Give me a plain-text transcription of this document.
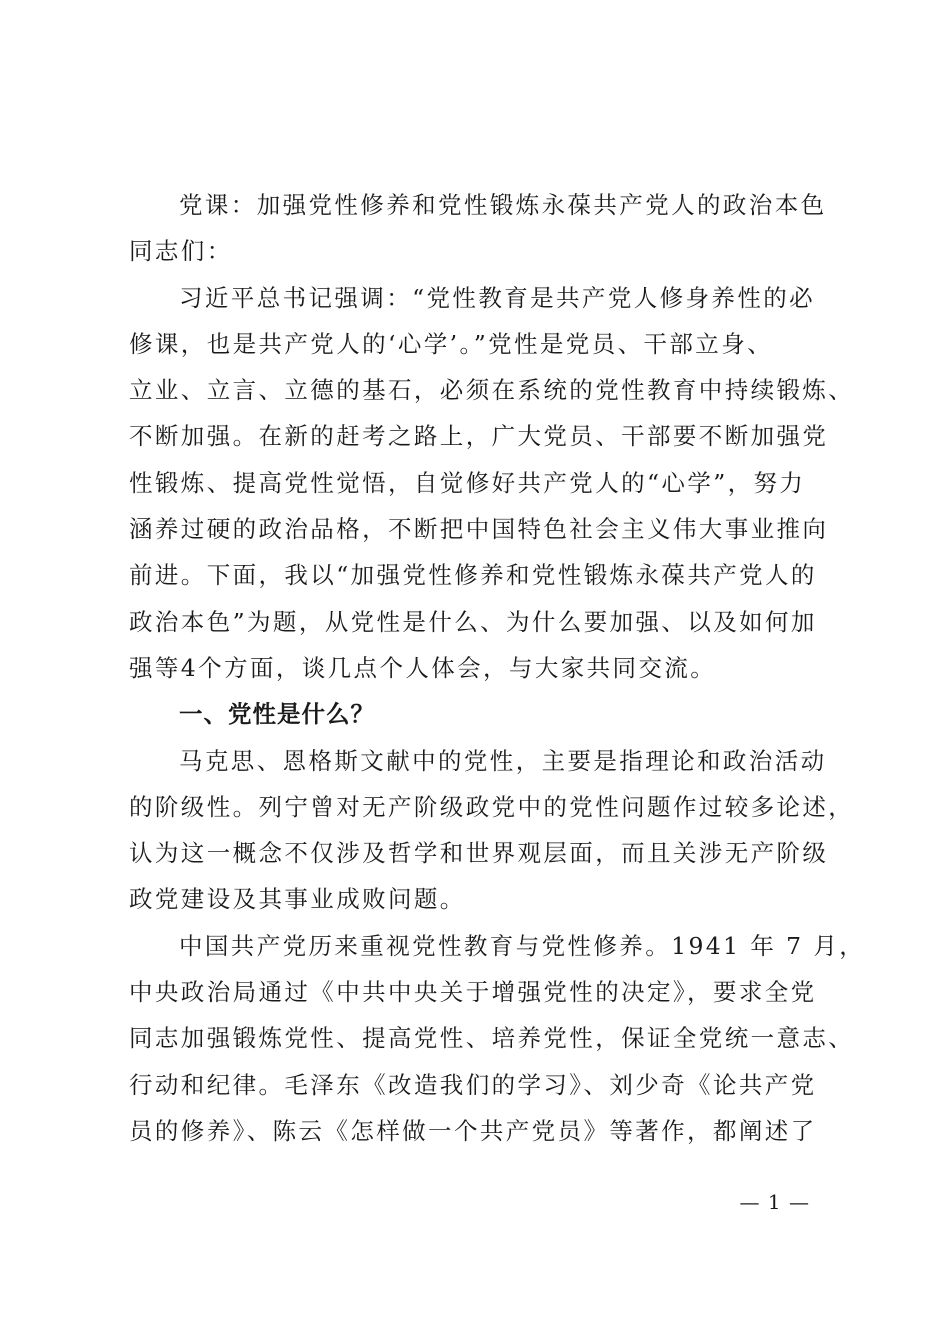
党课：加强党性修养和党性锻炼永葆共产党人的政治本色
同志们：
习近平总书记强调：“党性教育是共产党人修身养性的必
修课，也是共产党人的‘心学’。”党性是党员、干部立身、
立业、立言、立德的基石，必须在系统的党性教育中持续锻炼、
不断加强。在新的赶考之路上，广大党员、干部要不断加强党
性锻炼、提高党性觉悟，自觉修好共产党人的“心学”，努力
涵养过硬的政治品格，不断把中国特色社会主义伟大事业推向
前进。下面，我以“加强党性修养和党性锻炼永葆共产党人的
政治本色”为题，从党性是什么、为什么要加强、以及如何加
强等4个方面，谈几点个人体会，与大家共同交流。
一、党性是什么？
马克思、恩格斯文献中的党性，主要是指理论和政治活动
的阶级性。列宁曾对无产阶级政党中的党性问题作过较多论述，
认为这一概念不仅涉及哲学和世界观层面，而且关涉无产阶级
政党建设及其事业成败问题。
中国共产党历来重视党性教育与党性修养。1941 年 7 月，
中央政治局通过《中共中央关于增强党性的决定》，要求全党
同志加强锻炼党性、提高党性、培养党性，保证全党统一意志、
行动和纪律。毛泽东《改造我们的学习》、刘少奇《论共产党
员的修养》、陈云《怎样做一个共产党员》等著作，都阐述了
— 1 —
